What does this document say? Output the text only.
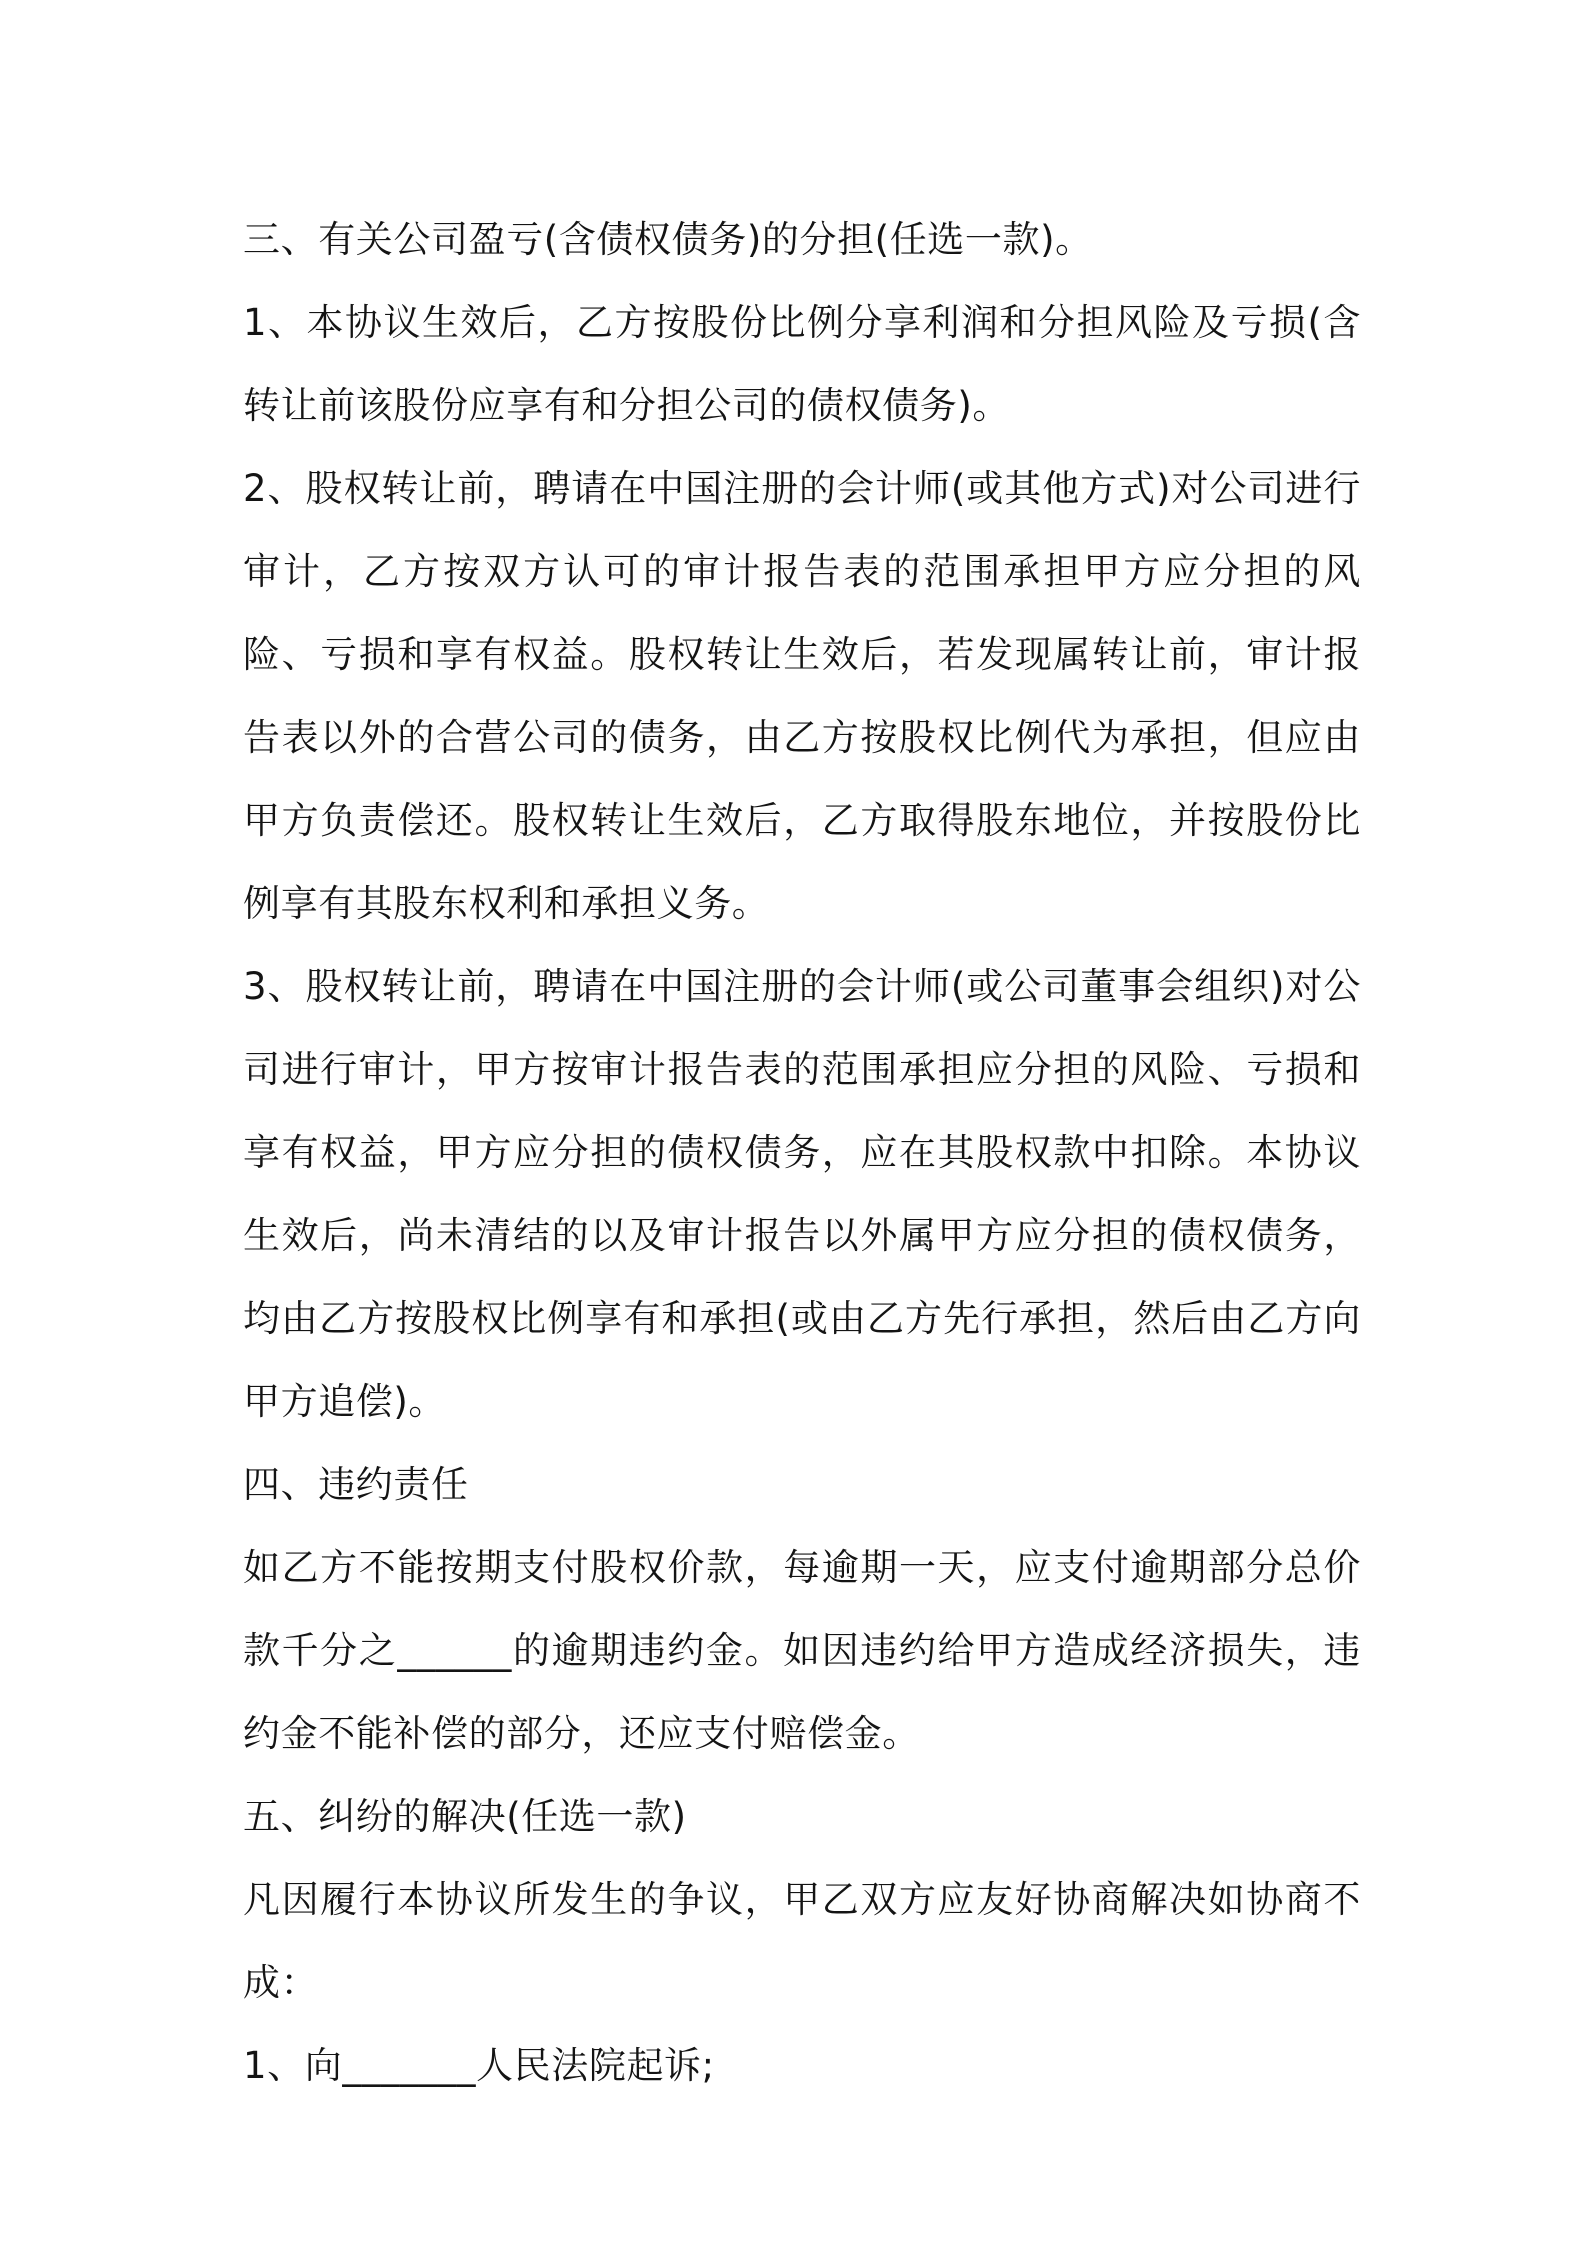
三、有关公司盈亏(含债权债务)的分担(任选一款)。

1、本协议生效后，乙方按股份比例分享利润和分担风险及亏损(含转让前该股份应享有和分担公司的债权债务)。

2、股权转让前，聘请在中国注册的会计师(或其他方式)对公司进行审计，乙方按双方认可的审计报告表的范围承担甲方应分担的风险、亏损和享有权益。股权转让生效后，若发现属转让前，审计报告表以外的合营公司的债务，由乙方按股权比例代为承担，但应由甲方负责偿还。股权转让生效后，乙方取得股东地位，并按股份比例享有其股东权利和承担义务。

3、股权转让前，聘请在中国注册的会计师(或公司董事会组织)对公司进行审计，甲方按审计报告表的范围承担应分担的风险、亏损和享有权益，甲方应分担的债权债务，应在其股权款中扣除。本协议生效后，尚未清结的以及审计报告以外属甲方应分担的债权债务，均由乙方按股权比例享有和承担(或由乙方先行承担，然后由乙方向甲方追偿)。

四、违约责任

如乙方不能按期支付股权价款，每逾期一天，应支付逾期部分总价款千分之______的逾期违约金。如因违约给甲方造成经济损失，违约金不能补偿的部分，还应支付赔偿金。

五、纠纷的解决(任选一款)

凡因履行本协议所发生的争议，甲乙双方应友好协商解决如协商不成：

1、向_______人民法院起诉;
